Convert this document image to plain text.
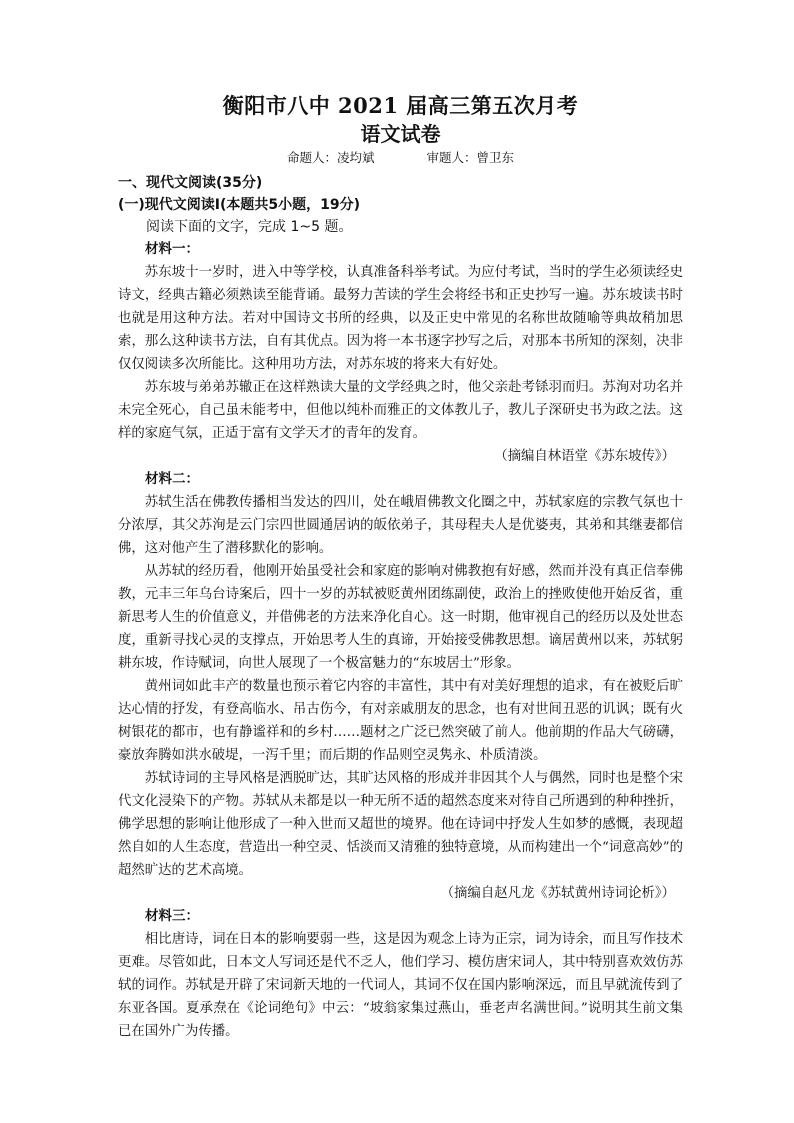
衡阳市八中 2021 届高三第五次月考

语文试卷

命题人：凌均斌	审题人：曾卫东

一、现代文阅读(35分)

(一)现代文阅读Ⅰ(本题共5小题，19分)

阅读下面的文字，完成 1~5 题。

材料一：

苏东坡十一岁时，进入中等学校，认真准备科举考试。为应付考试，当时的学生必须读经史诗文，经典古籍必须熟读至能背诵。最努力苦读的学生会将经书和正史抄写一遍。苏东坡读书时也就是用这种方法。若对中国诗文书所的经典，以及正史中常见的名称世故随喻等典故稍加思索，那么这种读书方法，自有其优点。因为将一本书逐字抄写之后，对那本书所知的深刻，决非仅仅阅读多次所能比。这种用功方法，对苏东坡的将来大有好处。

苏东坡与弟弟苏辙正在这样熟读大量的文学经典之时，他父亲赴考铩羽而归。苏洵对功名并未完全死心，自己虽未能考中，但他以纯朴而雅正的文体教儿子，教儿子深研史书为政之法。这样的家庭气氛，正适于富有文学天才的青年的发育。

（摘编自林语堂《苏东坡传》）

材料二：

苏轼生活在佛教传播相当发达的四川，处在峨眉佛教文化圈之中，苏轼家庭的宗教气氛也十分浓厚，其父苏洵是云门宗四世圆通居讷的皈依弟子，其母程夫人是优婆夷，其弟和其继妻都信佛，这对他产生了潜移默化的影响。

从苏轼的经历看，他刚开始虽受社会和家庭的影响对佛教抱有好感，然而并没有真正信奉佛教，元丰三年乌台诗案后，四十一岁的苏轼被贬黄州团练副使，政治上的挫败使他开始反省，重新思考人生的价值意义，并借佛老的方法来净化自心。这一时期，他审视自己的经历以及处世态度，重新寻找心灵的支撑点，开始思考人生的真谛，开始接受佛教思想。谪居黄州以来，苏轼躬耕东坡，作诗赋词，向世人展现了一个极富魅力的“东坡居士”形象。

黄州词如此丰产的数量也预示着它内容的丰富性，其中有对美好理想的追求，有在被贬后旷达心情的抒发，有登高临水、吊古伤今，有对亲戚朋友的思念，也有对世间丑恶的讥讽；既有火树银花的都市，也有静谧祥和的乡村……题材之广泛已然突破了前人。他前期的作品大气磅礴，豪放奔腾如洪水破堤，一泻千里；而后期的作品则空灵隽永、朴质清淡。

苏轼诗词的主导风格是洒脱旷达，其旷达风格的形成并非因其个人与偶然，同时也是整个宋代文化浸染下的产物。苏轼从未都是以一种无所不适的超然态度来对待自己所遇到的种种挫折，佛学思想的影响让他形成了一种入世而又超世的境界。他在诗词中抒发人生如梦的感慨，表现超然自如的人生态度，营造出一种空灵、恬淡而又清雅的独特意境，从而构建出一个“词意高妙”的超然旷达的艺术高境。

（摘编自赵凡龙《苏轼黄州诗词论析》）

材料三：

相比唐诗，词在日本的影响要弱一些，这是因为观念上诗为正宗，词为诗余，而且写作技术更难。尽管如此，日本文人写词还是代不乏人，他们学习、模仿唐宋词人，其中特别喜欢效仿苏轼的词作。苏轼是开辟了宋词新天地的一代词人，其词不仅在国内影响深远，而且早就流传到了东亚各国。夏承焘在《论词绝句》中云：“坡翁家集过燕山，垂老声名满世间。”说明其生前文集已在国外广为传播。
